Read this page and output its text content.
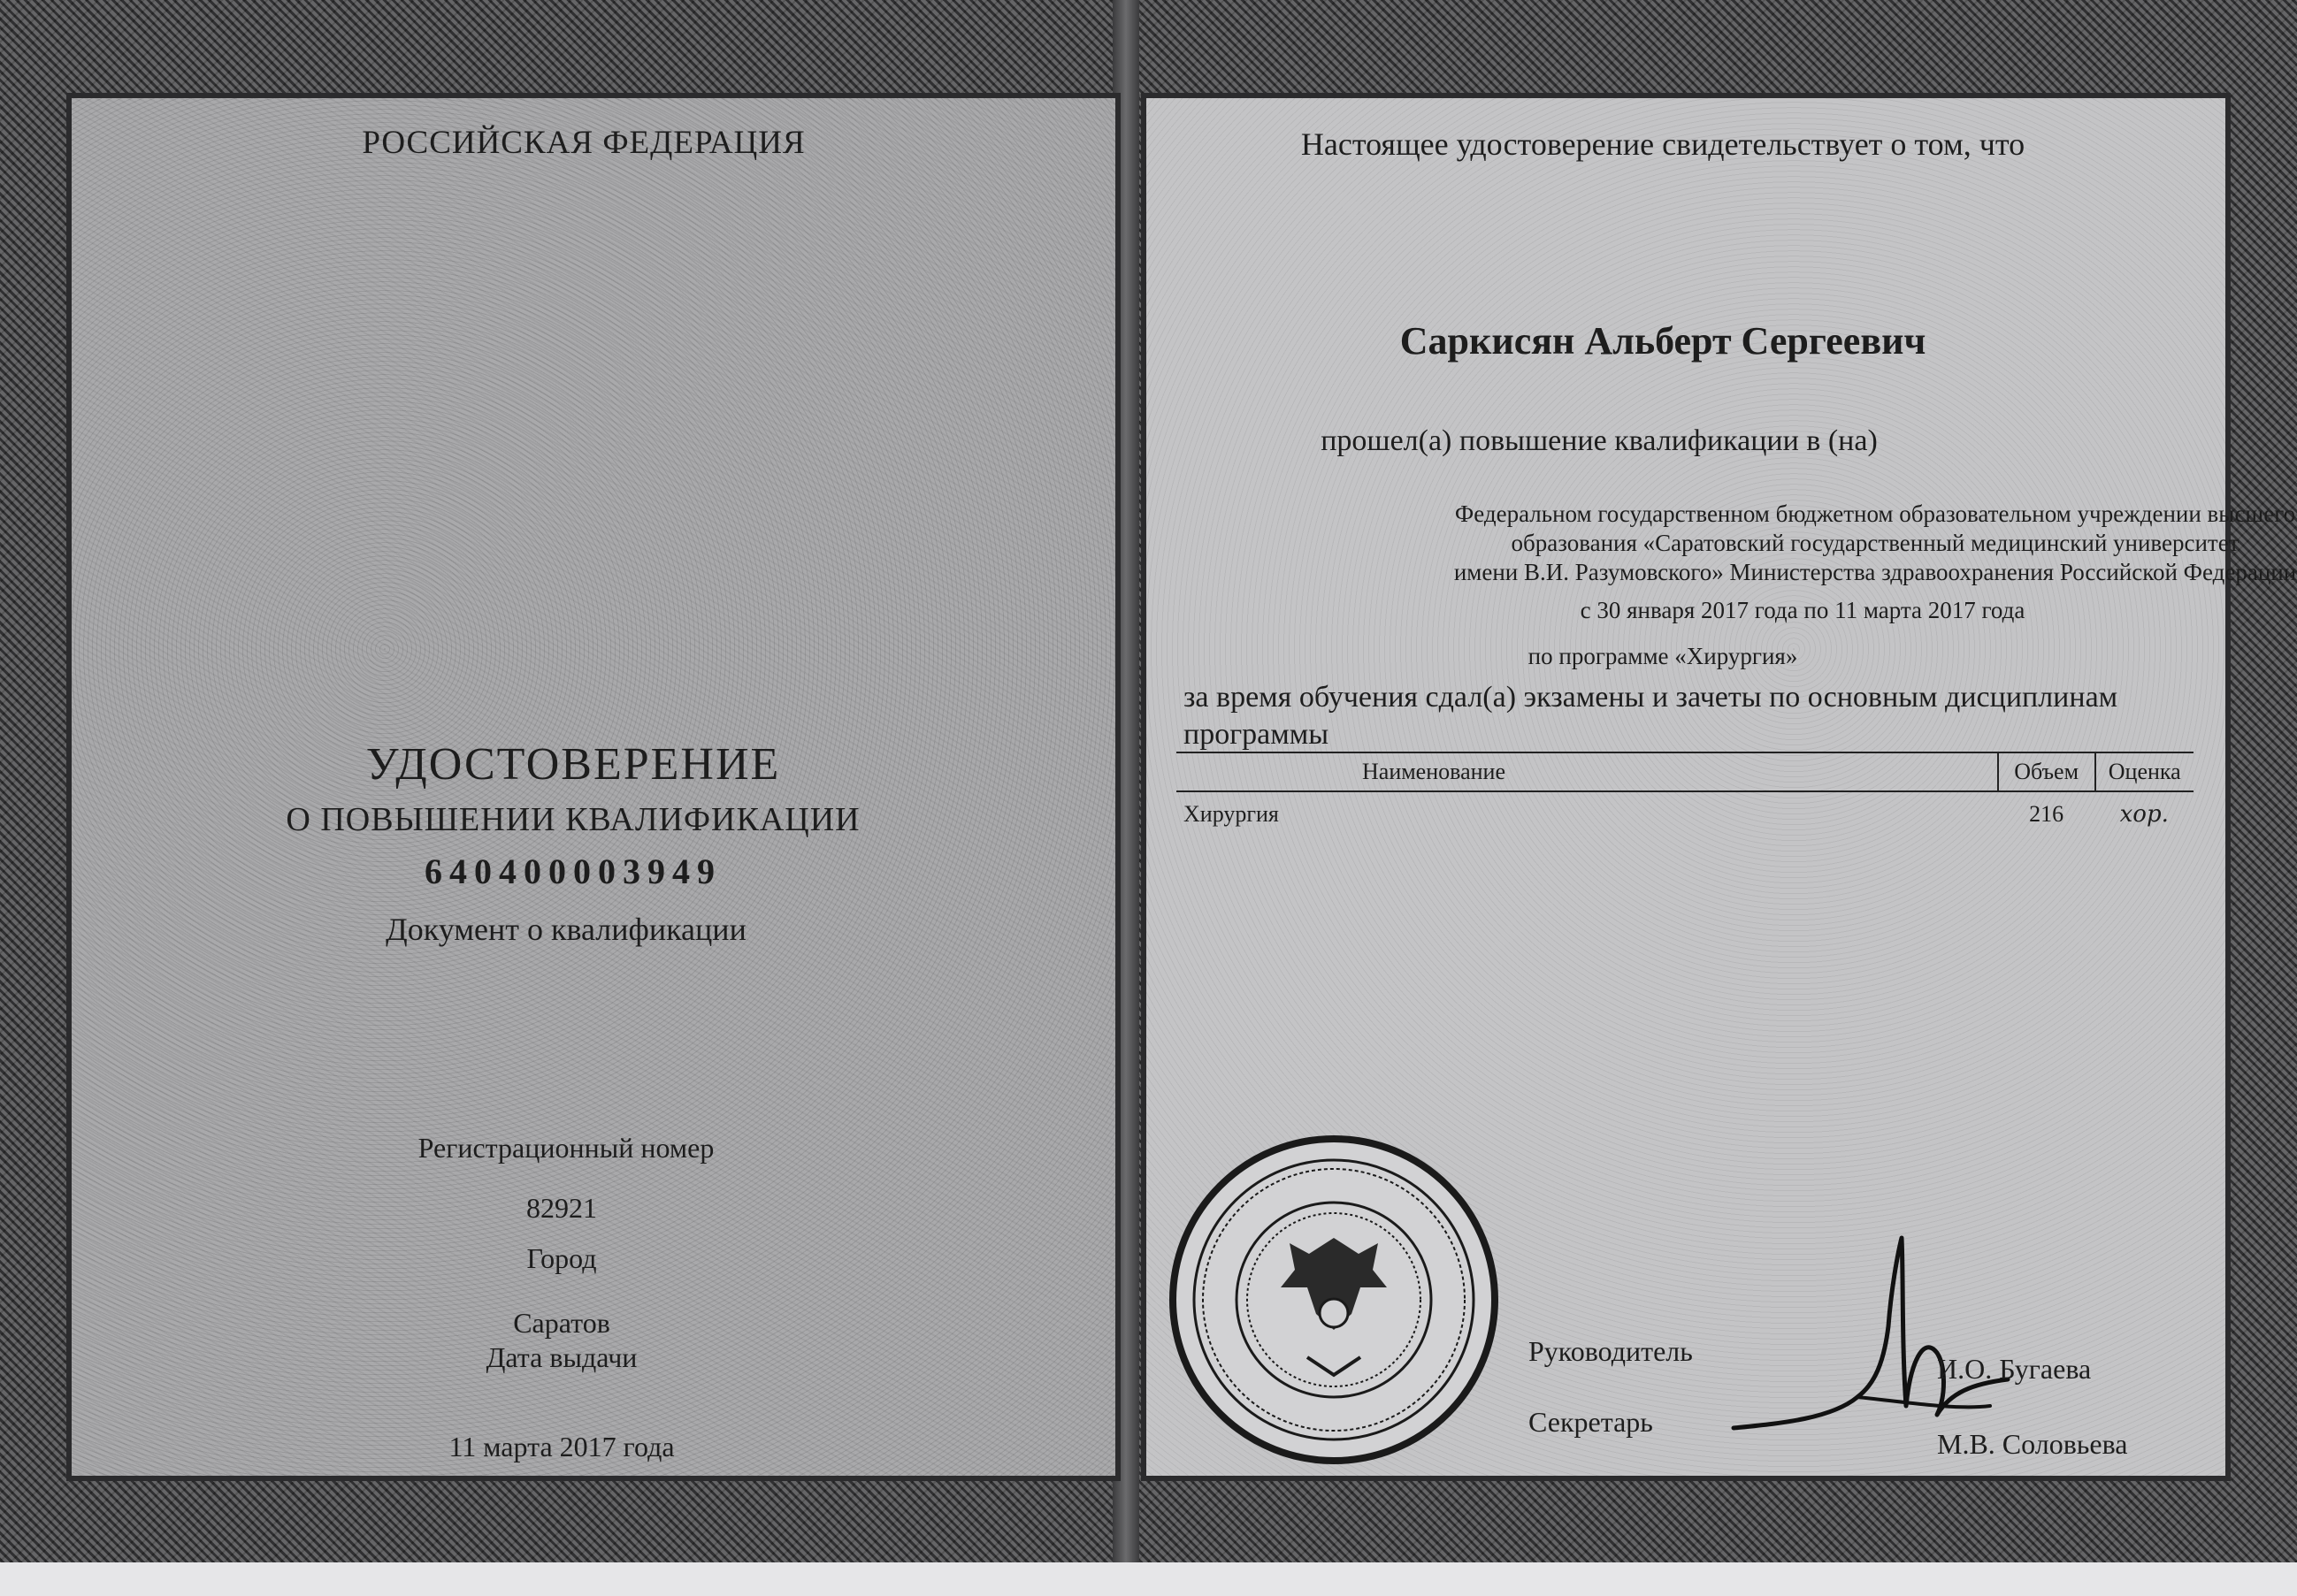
РОССИЙСКАЯ ФЕДЕРАЦИЯ
УДОСТОВЕРЕНИЕ
О ПОВЫШЕНИИ КВАЛИФИКАЦИИ
640400003949
Документ о квалификации
Регистрационный номер
82921
Город
Саратов
Дата выдачи
11 марта 2017 года
Настоящее удостоверение свидетельствует о том, что
Саркисян Альберт Сергеевич
прошел(а) повышение квалификации в (на)
Федеральном государственном бюджетном образовательном учреждении высшего
образования «Саратовский государственный медицинский университет
имени В.И. Разумовского» Министерства здравоохранения Российской Федерации
с 30 января 2017 года по 11 марта 2017 года
по программе «Хирургия»
за время обучения сдал(а) экзамены и зачеты по основным дисциплинам
программы
Наименование	Объем	Оценка
Хирургия	216	хор.
Руководитель
И.О. Бугаева
Секретарь
М.В. Соловьева
